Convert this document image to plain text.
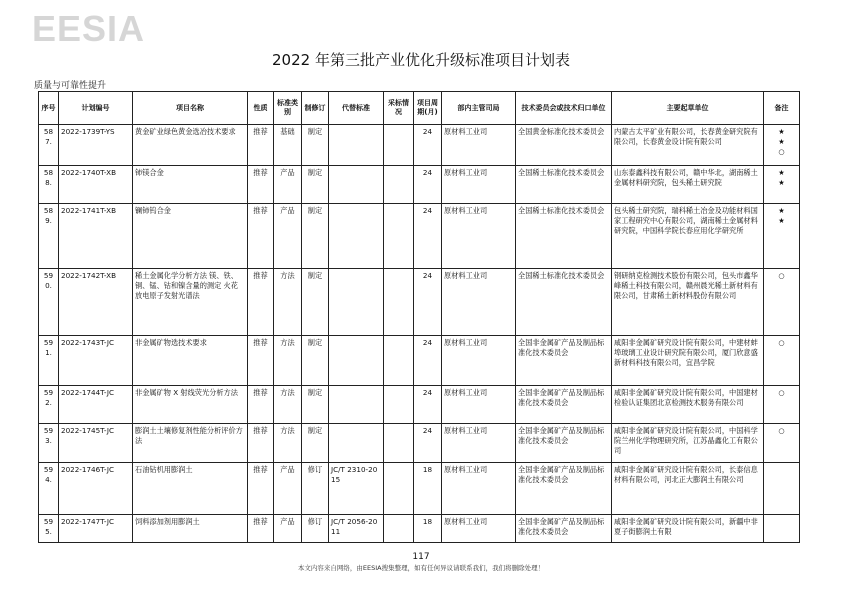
EESIA
2022 年第三批产业优化升级标准项目计划表
质量与可靠性提升
序号	计划编号	项目名称	性质	标准类别	制修订	代替标准	采标情况	项目周期(月)	部内主管司局	技术委员会或技术归口单位	主要起草单位	备注
587.	2022-1739T-YS	黄金矿业绿色黄金选冶技术要求	推荐	基础	制定			24	原材料工业司	全国黄金标准化技术委员会	内蒙古太平矿业有限公司，长春黄金研究院有限公司，长春黄金设计院有限公司	★
★
○

588.	2022-1740T-XB	铈镁合金	推荐	产品	制定			24	原材料工业司	全国稀土标准化技术委员会	山东泰鑫科技有限公司，赣中华北，湖南稀土金属材料研究院，包头稀土研究院	★
★

589.	2022-1741T-XB	镧铈钨合金	推荐	产品	制定			24	原材料工业司	全国稀土标准化技术委员会	包头稀土研究院，瑞科稀土冶金及功能材料国家工程研究中心有限公司，湖南稀土金属材料研究院，中国科学院长春应用化学研究所	★
★

590.	2022-1742T-XB	稀土金属化学分析方法 镁、铁、铜、锰、钴和镍含量的测定 火花放电原子发射光谱法	推荐	方法	制定			24	原材料工业司	全国稀土标准化技术委员会	钢研纳克检测技术股份有限公司，包头市鑫华峰稀土科技有限公司，赣州晨光稀土新材料有限公司，甘肃稀土新材料股份有限公司	○

591.	2022-1743T-JC	非金属矿物选技术要求	推荐	方法	制定			24	原材料工业司	全国非金属矿产品及制品标准化技术委员会	咸阳非金属矿研究设计院有限公司，中建材蚌埠玻璃工业设计研究院有限公司，厦门欣意盛新材料科技有限公司，宜昌学院	○

592.	2022-1744T-JC	非金属矿物 X 射线荧光分析方法	推荐	方法	制定			24	原材料工业司	全国非金属矿产品及制品标准化技术委员会	咸阳非金属矿研究设计院有限公司，中国建材检验认证集团北京检测技术服务有限公司	○

593.	2022-1745T-JC	膨润土土壤修复剂性能分析评价方法	推荐	方法	制定			24	原材料工业司	全国非金属矿产品及制品标准化技术委员会	咸阳非金属矿研究设计院有限公司，中国科学院兰州化学物理研究所，江苏晶鑫化工有限公司	○

594.	2022-1746T-JC	石油钻机用膨润土	推荐	产品	修订	JC/T 2310-2015		18	原材料工业司	全国非金属矿产品及制品标准化技术委员会	咸阳非金属矿研究设计院有限公司，长泰信息材料有限公司，河北正大膨润土有限公司	
595.	2022-1747T-JC	饲料添加剂用膨润土	推荐	产品	修订	JC/T 2056-2011		18	原材料工业司	全国非金属矿产品及制品标准化技术委员会	咸阳非金属矿研究设计院有限公司，新疆中非夏子街膨润土有限	
117
本文内容来自网络，由EESIA搜集整理，如有任何异议请联系我们，我们将删除处理！
